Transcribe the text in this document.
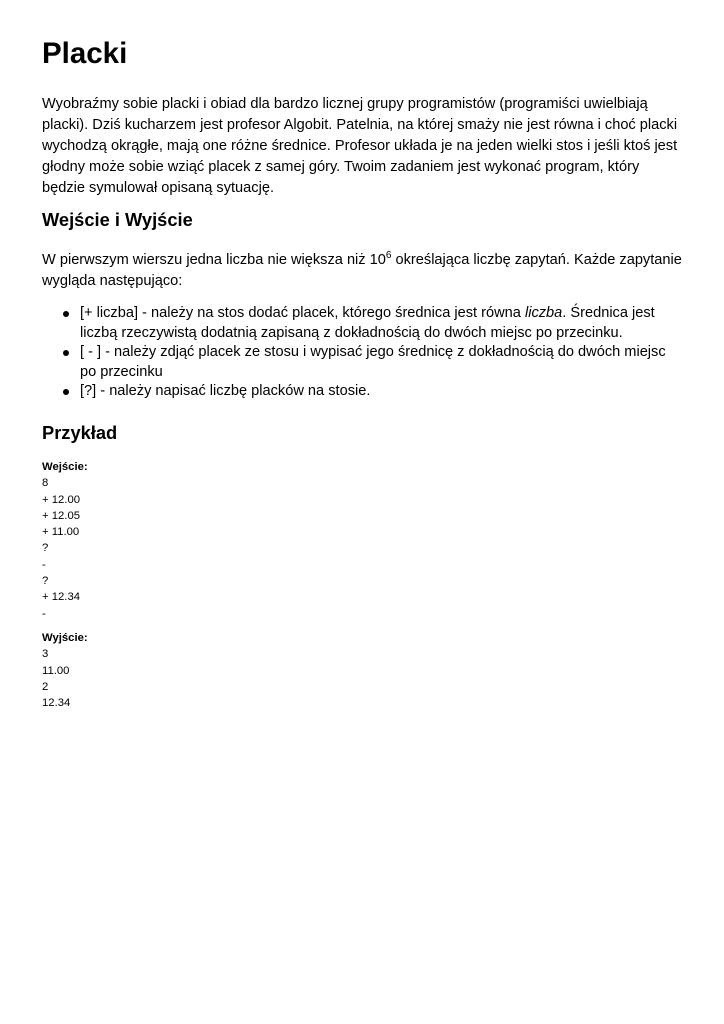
Placki

Wyobraźmy sobie placki i obiad dla bardzo licznej grupy programistów (programiści uwielbiają placki). Dziś kucharzem jest profesor Algobit. Patelnia, na której smaży nie jest równa i choć placki wychodzą okrągłe, mają one różne średnice. Profesor układa je na jeden wielki stos i jeśli ktoś jest głodny może sobie wziąć placek z samej góry. Twoim zadaniem jest wykonać program, który będzie symulował opisaną sytuację.

Wejście i Wyjście

W pierwszym wierszu jedna liczba nie większa niż $10^6$ określająca liczbę zapytań. Każde zapytanie wygląda następująco:

[+ liczba] - należy na stos dodać placek, którego średnica jest równa liczba. Średnica jest liczbą rzeczywistą dodatnią zapisaną z dokładnością do dwóch miejsc po przecinku.
[ - ] - należy zdjąć placek ze stosu i wypisać jego średnicę z dokładnością do dwóch miejsc po przecinku
[?] - należy napisać liczbę placków na stosie.
Przykład
Wejście:
8
+ 12.00
+ 12.05
+ 11.00
?
-
?
+ 12.34
-
Wyjście:
3
11.00
2
12.34
